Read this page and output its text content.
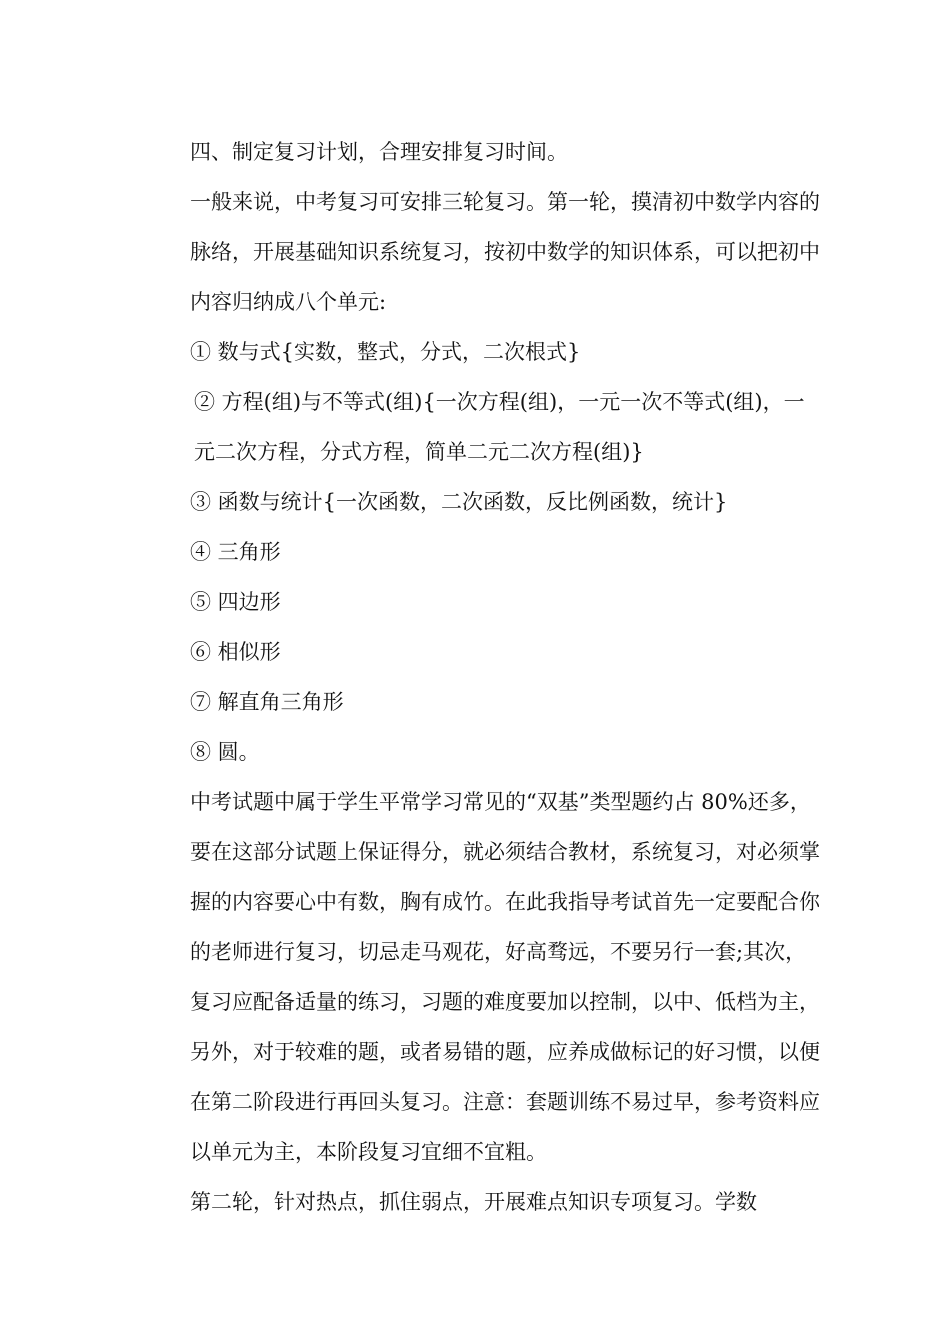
四、制定复习计划，合理安排复习时间。

一般来说，中考复习可安排三轮复习。第一轮，摸清初中数学内容的脉络，开展基础知识系统复习，按初中数学的知识体系，可以把初中内容归纳成八个单元:

① 数与式{实数，整式，分式，二次根式}

② 方程(组)与不等式(组){一次方程(组)，一元一次不等式(组)，一元二次方程，分式方程，简单二元二次方程(组)}

③ 函数与统计{一次函数，二次函数，反比例函数，统计}

④ 三角形

⑤ 四边形

⑥ 相似形

⑦ 解直角三角形

⑧ 圆。

中考试题中属于学生平常学习常见的“双基”类型题约占 80%还多，要在这部分试题上保证得分，就必须结合教材，系统复习，对必须掌握的内容要心中有数，胸有成竹。在此我指导考试首先一定要配合你的老师进行复习，切忌走马观花，好高骛远，不要另行一套;其次，复习应配备适量的练习，习题的难度要加以控制，以中、低档为主，另外，对于较难的题，或者易错的题，应养成做标记的好习惯，以便在第二阶段进行再回头复习。注意：套题训练不易过早，参考资料应以单元为主，本阶段复习宜细不宜粗。

第二轮，针对热点，抓住弱点，开展难点知识专项复习。学数
